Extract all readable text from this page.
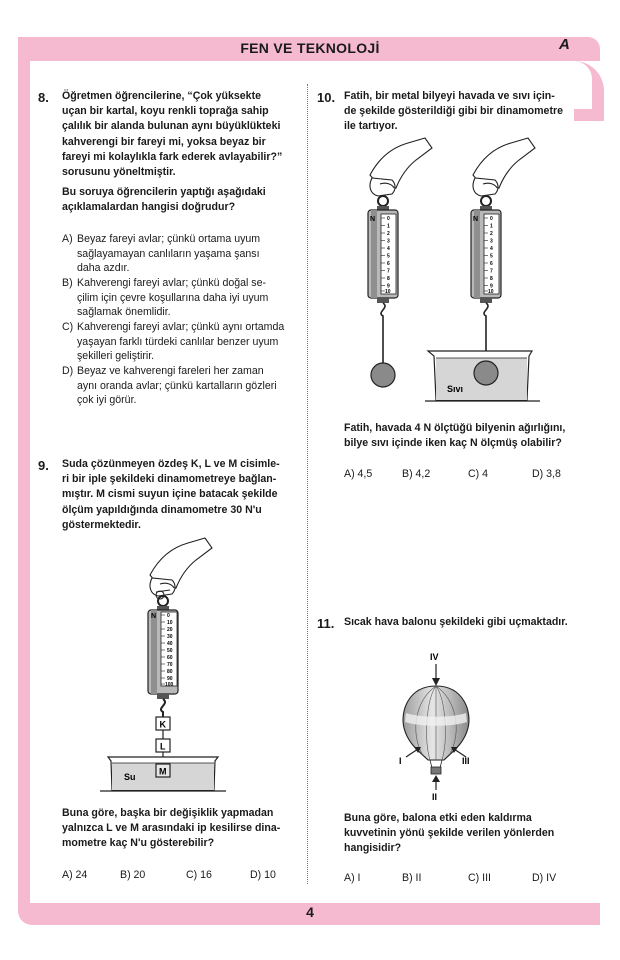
FEN VE TEKNOLOJİ	A
4
8. Öğretmen öğrencilerine, “Çok yüksekte
uçan bir kartal, koyu renkli toprağa sahip
çalılık bir alanda bulunan aynı büyüklükteki
kahverengi bir fareyi mi, yoksa beyaz bir
fareyi mi kolaylıkla fark ederek avlayabilir?”
sorusunu yöneltmiştir.
Bu soruya öğrencilerin yaptığı aşağıdaki
açıklamalardan hangisi doğrudur?
A) Beyaz fareyi avlar; çünkü ortama uyum
sağlayamayan canlıların yaşama şansı
daha azdır.
B) Kahverengi fareyi avlar; çünkü doğal se-
çilim için çevre koşullarına daha iyi uyum
sağlamak önemlidir.
C) Kahverengi fareyi avlar; çünkü aynı ortamda
yaşayan farklı türdeki canlılar benzer uyum
şekilleri geliştirir.
D) Beyaz ve kahverengi fareleri her zaman
aynı oranda avlar; çünkü kartalların gözleri
çok iyi görür.
9. Suda çözünmeyen özdeş K, L ve M cisimle-
ri bir iple şekildeki dinamometreye bağlan-
mıştır. M cismi suyun içine batacak şekilde
ölçüm yapıldığında dinamometre 30 N'u
göstermektedir.
N 0
10
20
30
40
50
60
70
80
90
100
K
L
M
Su
Buna göre, başka bir değişiklik yapmadan
yalnızca L ve M arasındaki ip kesilirse dina-
mometre kaç N'u gösterebilir?
A) 24	B) 20	C) 16	D) 10
10. Fatih, bir metal bilyeyi havada ve sıvı için-
de şekilde gösterildiği gibi bir dinamometre
ile tartıyor.
N 0
1
2
3
4
5
6
7
8
9
10
N 0
1
2
3
4
5
6
7
8
9
10
Sıvı
Fatih, havada 4 N ölçtüğü bilyenin ağırlığını,
bilye sıvı içinde iken kaç N ölçmüş olabilir?
A) 4,5	B) 4,2	C) 4	D) 3,8
11. Sıcak hava balonu şekildeki gibi uçmaktadır.
IV
I	III
II
Buna göre, balona etki eden kaldırma
kuvvetinin yönü şekilde verilen yönlerden
hangisidir?
A) I	B) II	C) III	D) IV
